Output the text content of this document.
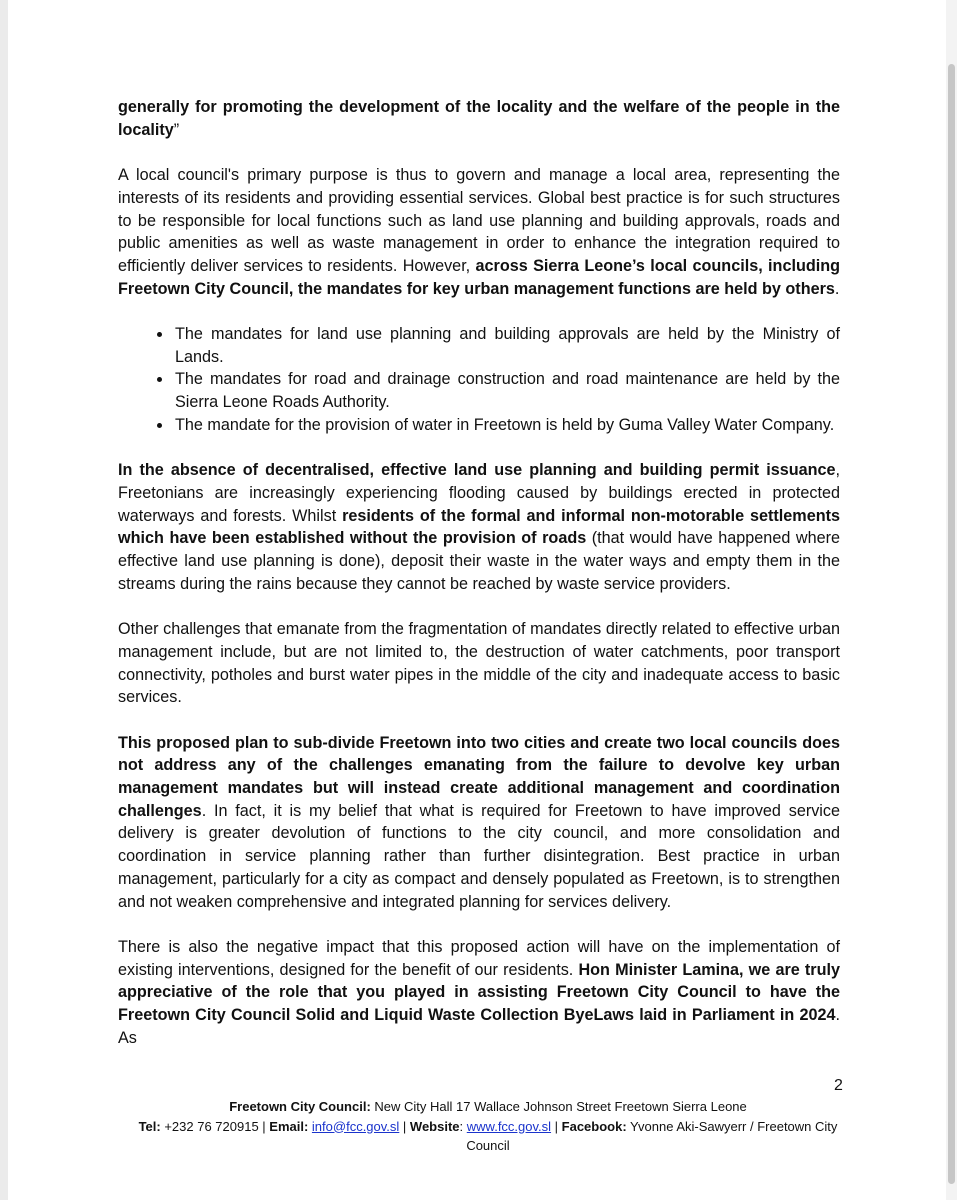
generally for promoting the development of the locality and the welfare of the people in the locality”

A local council's primary purpose is thus to govern and manage a local area, representing the interests of its residents and providing essential services. Global best practice is for such structures to be responsible for local functions such as land use planning and building approvals, roads and public amenities as well as waste management in order to enhance the integration required to efficiently deliver services to residents. However, across Sierra Leone’s local councils, including Freetown City Council, the mandates for key urban management functions are held by others.

• The mandates for land use planning and building approvals are held by the Ministry of Lands.
• The mandates for road and drainage construction and road maintenance are held by the Sierra Leone Roads Authority.
• The mandate for the provision of water in Freetown is held by Guma Valley Water Company.

In the absence of decentralised, effective land use planning and building permit issuance, Freetonians are increasingly experiencing flooding caused by buildings erected in protected waterways and forests. Whilst residents of the formal and informal non-motorable settlements which have been established without the provision of roads (that would have happened where effective land use planning is done), deposit their waste in the water ways and empty them in the streams during the rains because they cannot be reached by waste service providers.

Other challenges that emanate from the fragmentation of mandates directly related to effective urban management include, but are not limited to, the destruction of water catchments, poor transport connectivity, potholes and burst water pipes in the middle of the city and inadequate access to basic services.

This proposed plan to sub-divide Freetown into two cities and create two local councils does not address any of the challenges emanating from the failure to devolve key urban management mandates but will instead create additional management and coordination challenges. In fact, it is my belief that what is required for Freetown to have improved service delivery is greater devolution of functions to the city council, and more consolidation and coordination in service planning rather than further disintegration. Best practice in urban management, particularly for a city as compact and densely populated as Freetown, is to strengthen and not weaken comprehensive and integrated planning for services delivery.

There is also the negative impact that this proposed action will have on the implementation of existing interventions, designed for the benefit of our residents. Hon Minister Lamina, we are truly appreciative of the role that you played in assisting Freetown City Council to have the Freetown City Council Solid and Liquid Waste Collection ByeLaws laid in Parliament in 2024. As

2
Freetown City Council: New City Hall 17 Wallace Johnson Street Freetown Sierra Leone
Tel: +232 76 720915 | Email: info@fcc.gov.sl | Website: www.fcc.gov.sl | Facebook: Yvonne Aki-Sawyerr / Freetown City Council
